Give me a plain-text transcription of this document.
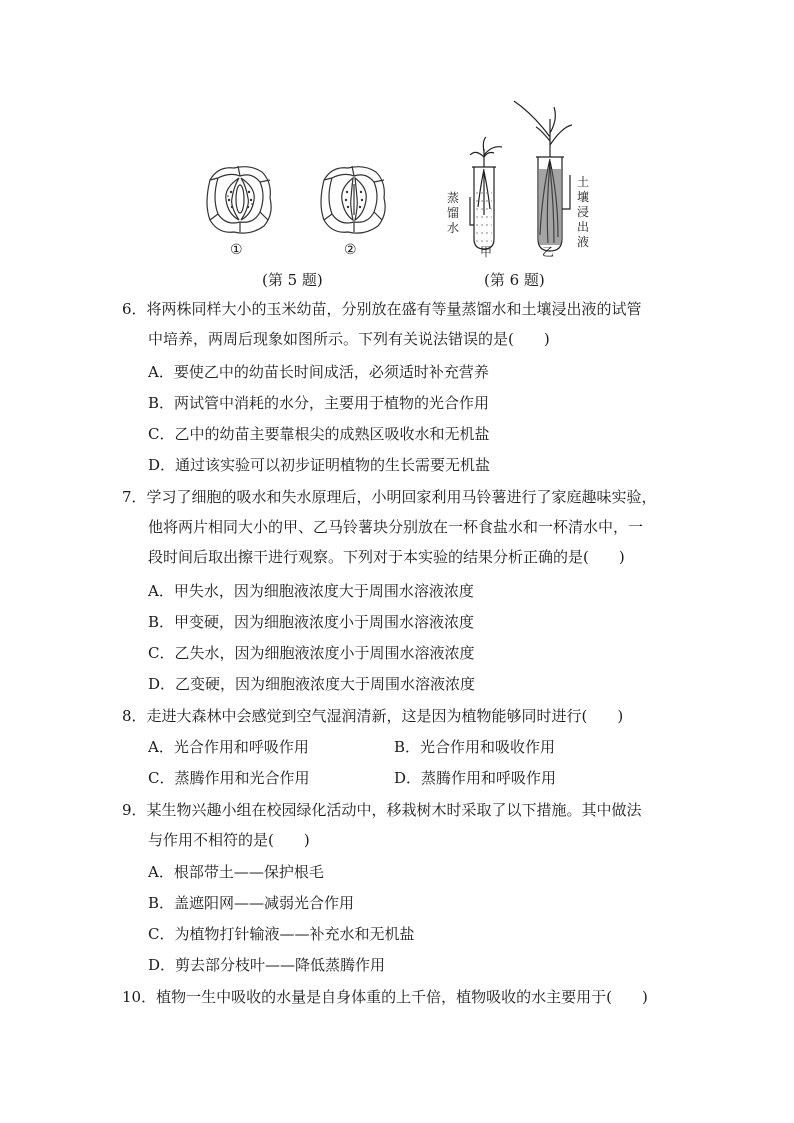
①	②
(第 5 题)
蒸
馏
水
土
壤
浸
出
液
甲	乙
(第 6 题)
6．将两株同样大小的玉米幼苗，分别放在盛有等量蒸馏水和土壤浸出液的试管
中培养，两周后现象如图所示。下列有关说法错误的是(　　)
A．要使乙中的幼苗长时间成活，必须适时补充营养
B．两试管中消耗的水分，主要用于植物的光合作用
C．乙中的幼苗主要靠根尖的成熟区吸收水和无机盐
D．通过该实验可以初步证明植物的生长需要无机盐
7．学习了细胞的吸水和失水原理后，小明回家利用马铃薯进行了家庭趣味实验，
他将两片相同大小的甲、乙马铃薯块分别放在一杯食盐水和一杯清水中，一
段时间后取出擦干进行观察。下列对于本实验的结果分析正确的是(　　)
A．甲失水，因为细胞液浓度大于周围水溶液浓度
B．甲变硬，因为细胞液浓度小于周围水溶液浓度
C．乙失水，因为细胞液浓度小于周围水溶液浓度
D．乙变硬，因为细胞液浓度大于周围水溶液浓度
8．走进大森林中会感觉到空气湿润清新，这是因为植物能够同时进行(　　)
A．光合作用和呼吸作用	B．光合作用和吸收作用
C．蒸腾作用和光合作用	D．蒸腾作用和呼吸作用
9．某生物兴趣小组在校园绿化活动中，移栽树木时采取了以下措施。其中做法
与作用不相符的是(　　)
A．根部带土——保护根毛
B．盖遮阳网——减弱光合作用
C．为植物打针输液——补充水和无机盐
D．剪去部分枝叶——降低蒸腾作用
10．植物一生中吸收的水量是自身体重的上千倍，植物吸收的水主要用于(　　)
